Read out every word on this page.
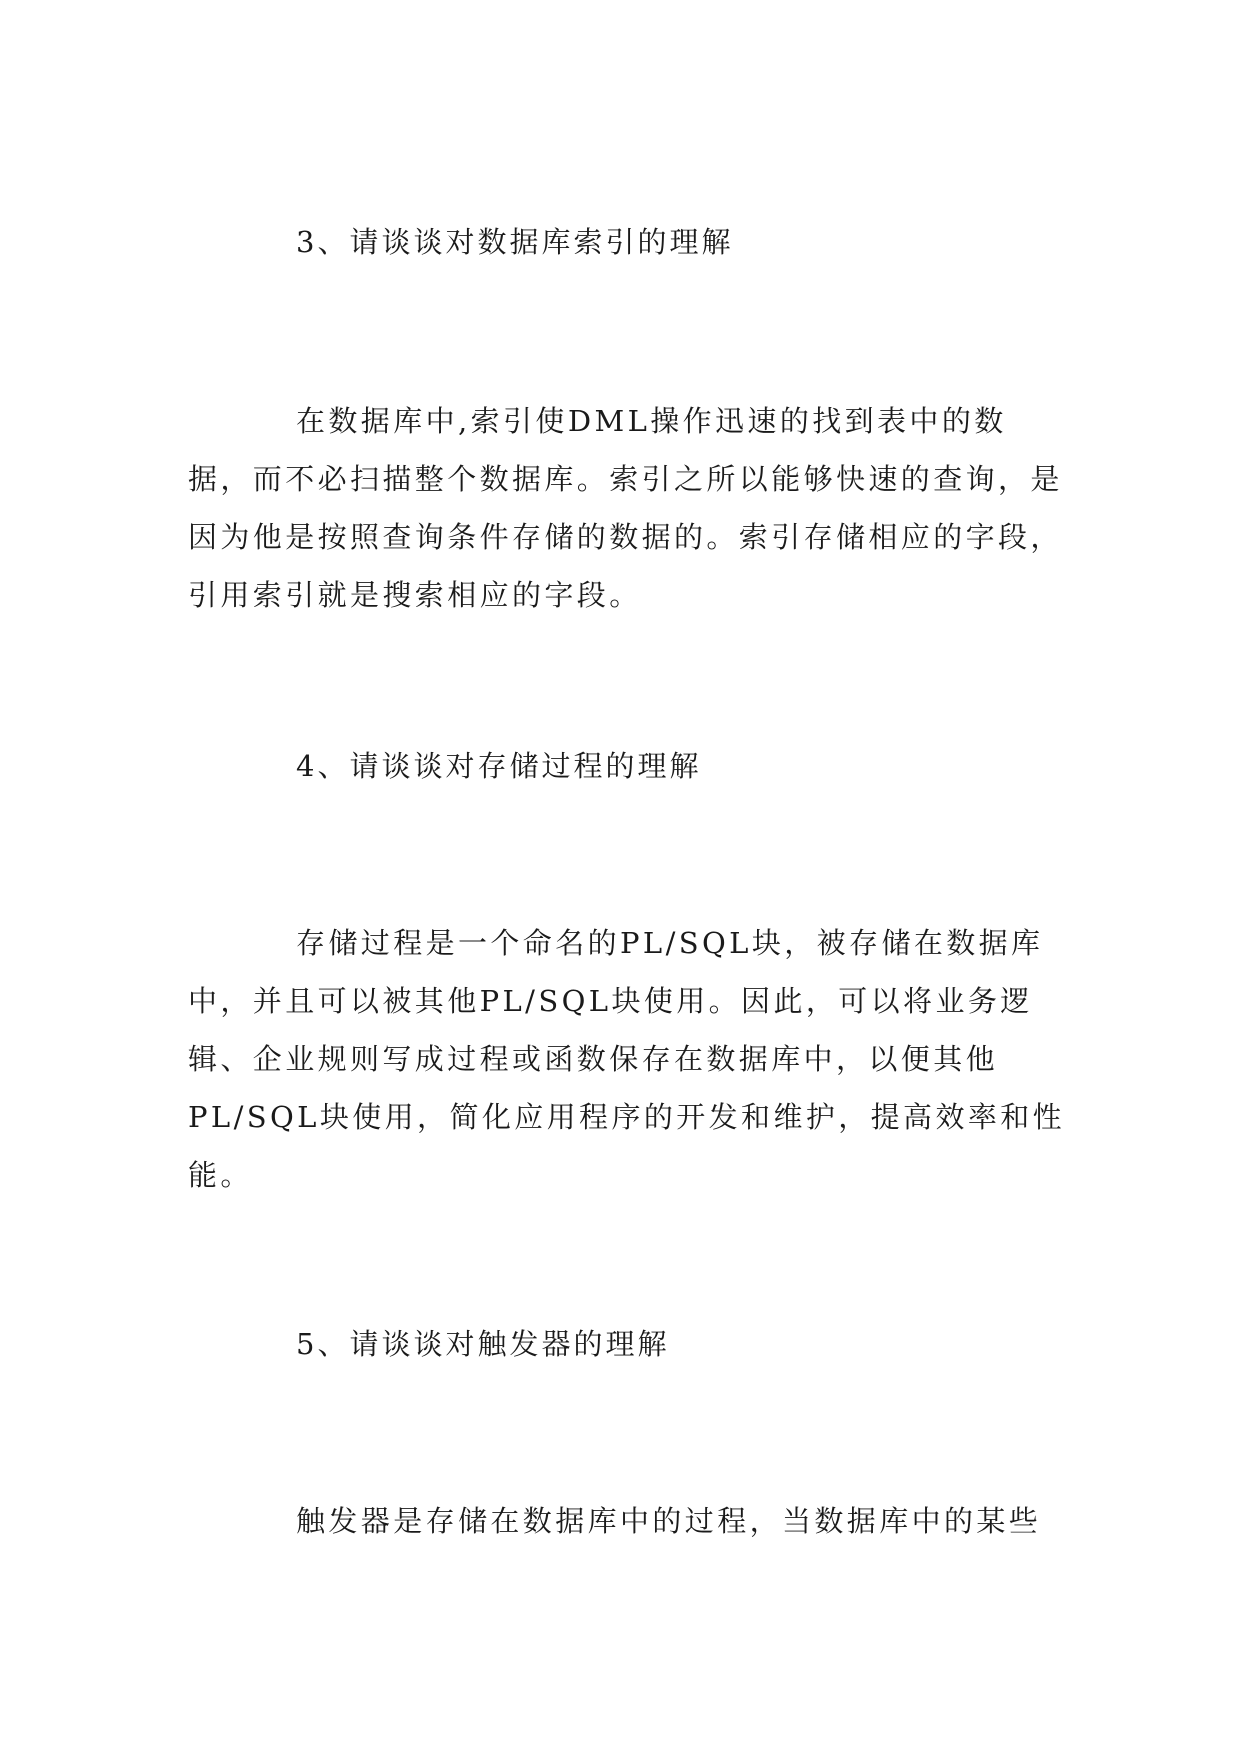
3、请谈谈对数据库索引的理解

在数据库中,索引使DML操作迅速的找到表中的数据，而不必扫描整个数据库。索引之所以能够快速的查询，是因为他是按照查询条件存储的数据的。索引存储相应的字段，引用索引就是搜索相应的字段。

4、请谈谈对存储过程的理解

存储过程是一个命名的PL/SQL块，被存储在数据库中，并且可以被其他PL/SQL块使用。因此，可以将业务逻辑、企业规则写成过程或函数保存在数据库中，以便其他PL/SQL块使用，简化应用程序的开发和维护，提高效率和性能。

5、请谈谈对触发器的理解

触发器是存储在数据库中的过程，当数据库中的某些
